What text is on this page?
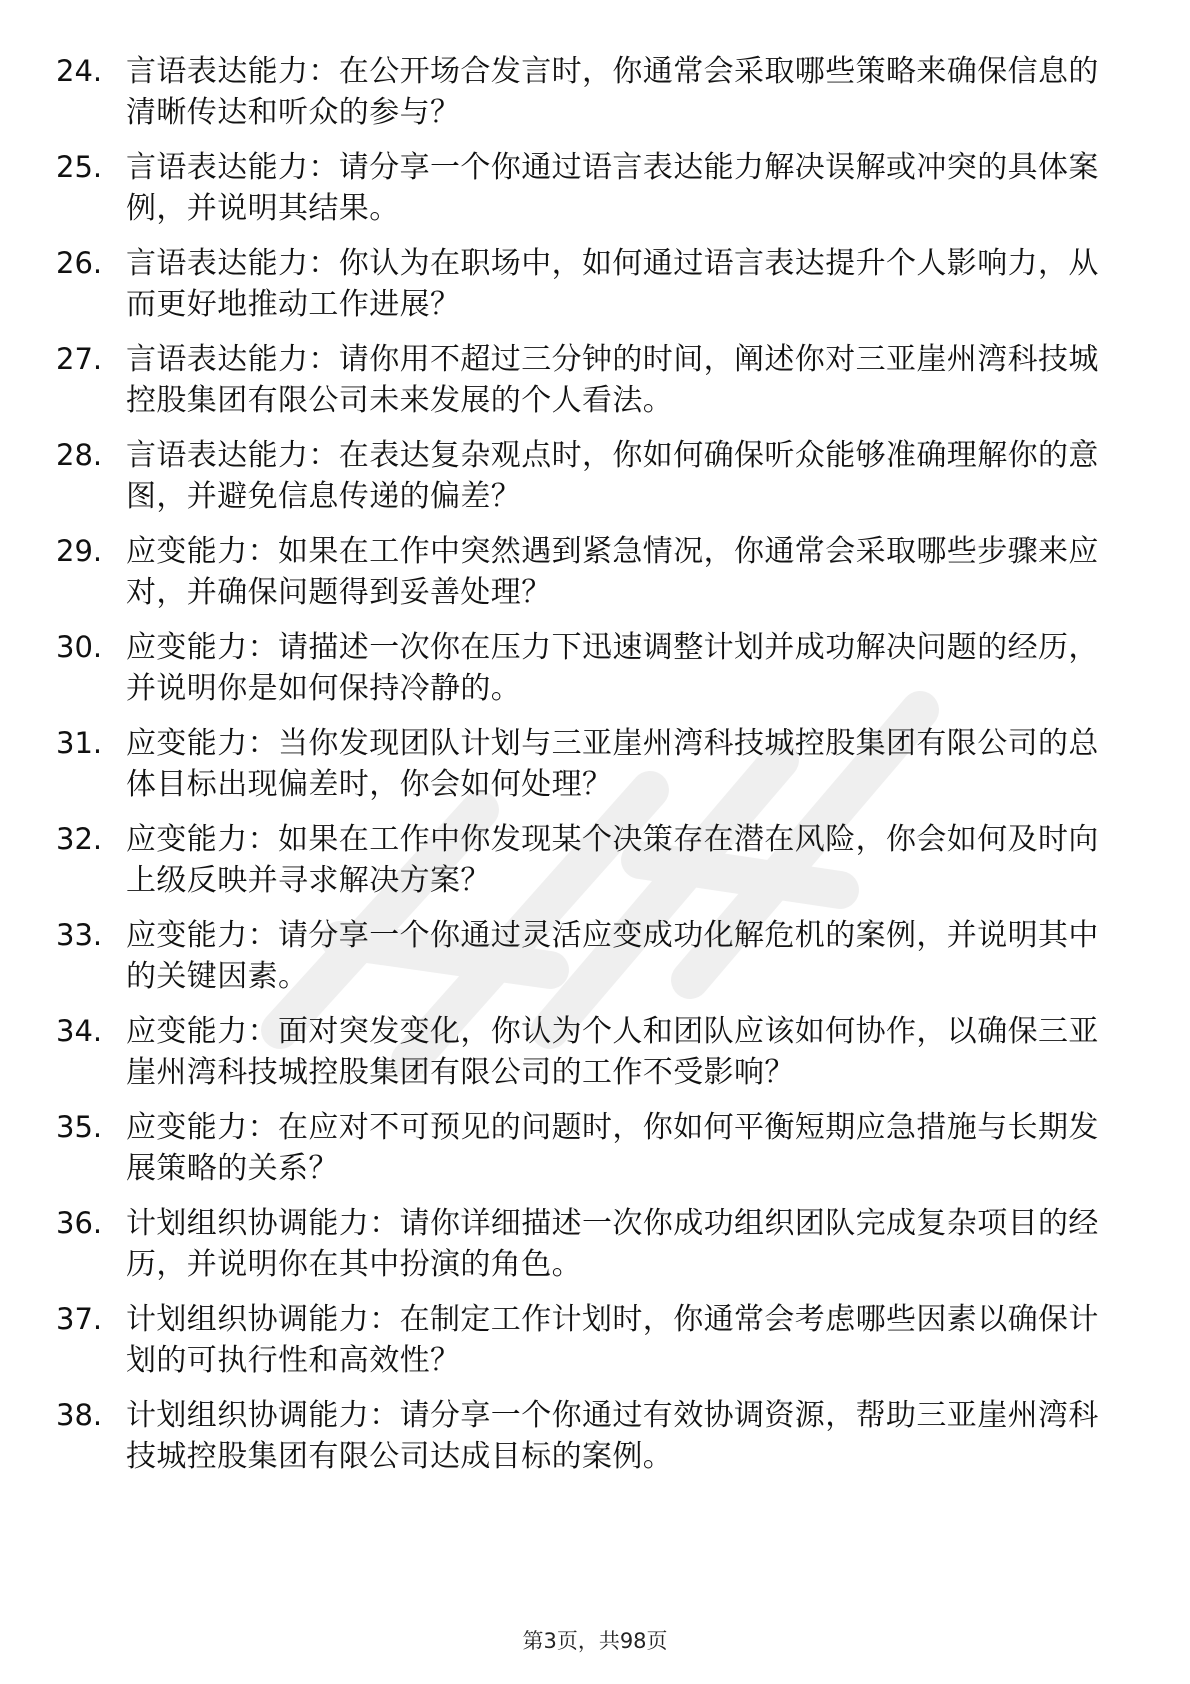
24. 言语表达能力：在公开场合发言时，你通常会采取哪些策略来确保信息的清晰传达和听众的参与？
25. 言语表达能力：请分享一个你通过语言表达能力解决误解或冲突的具体案例，并说明其结果。
26. 言语表达能力：你认为在职场中，如何通过语言表达提升个人影响力，从而更好地推动工作进展？
27. 言语表达能力：请你用不超过三分钟的时间，阐述你对三亚崖州湾科技城控股集团有限公司未来发展的个人看法。
28. 言语表达能力：在表达复杂观点时，你如何确保听众能够准确理解你的意图，并避免信息传递的偏差？
29. 应变能力：如果在工作中突然遇到紧急情况，你通常会采取哪些步骤来应对，并确保问题得到妥善处理？
30. 应变能力：请描述一次你在压力下迅速调整计划并成功解决问题的经历，并说明你是如何保持冷静的。
31. 应变能力：当你发现团队计划与三亚崖州湾科技城控股集团有限公司的总体目标出现偏差时，你会如何处理？
32. 应变能力：如果在工作中你发现某个决策存在潜在风险，你会如何及时向上级反映并寻求解决方案？
33. 应变能力：请分享一个你通过灵活应变成功化解危机的案例，并说明其中的关键因素。
34. 应变能力：面对突发变化，你认为个人和团队应该如何协作，以确保三亚崖州湾科技城控股集团有限公司的工作不受影响？
35. 应变能力：在应对不可预见的问题时，你如何平衡短期应急措施与长期发展策略的关系？
36. 计划组织协调能力：请你详细描述一次你成功组织团队完成复杂项目的经历，并说明你在其中扮演的角色。
37. 计划组织协调能力：在制定工作计划时，你通常会考虑哪些因素以确保计划的可执行性和高效性？
38. 计划组织协调能力：请分享一个你通过有效协调资源，帮助三亚崖州湾科技城控股集团有限公司达成目标的案例。
第3页，共98页
